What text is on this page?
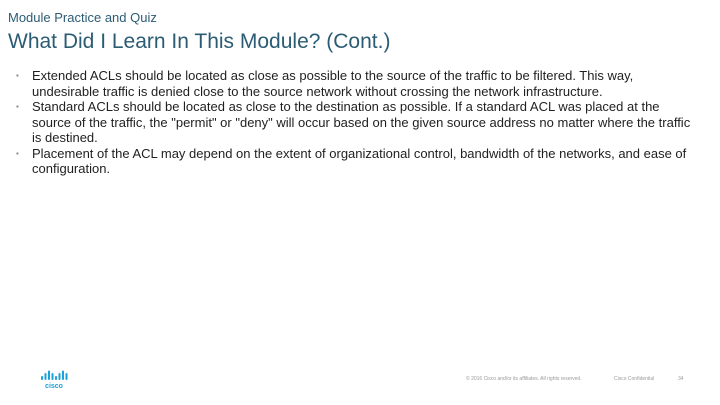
Module Practice and Quiz
What Did I Learn In This Module? (Cont.)
▪	Extended ACLs should be located as close as possible to the source of the traffic to be filtered. This way, undesirable traffic is denied close to the source network without crossing the network infrastructure.
▪	Standard ACLs should be located as close to the destination as possible. If a standard ACL was placed at the source of the traffic, the "permit" or "deny" will occur based on the given source address no matter where the traffic is destined.
▪	Placement of the ACL may depend on the extent of organizational control, bandwidth of the networks, and ease of configuration.
cisco
© 2016 Cisco and/or its affiliates. All rights reserved.	Cisco Confidential	34
